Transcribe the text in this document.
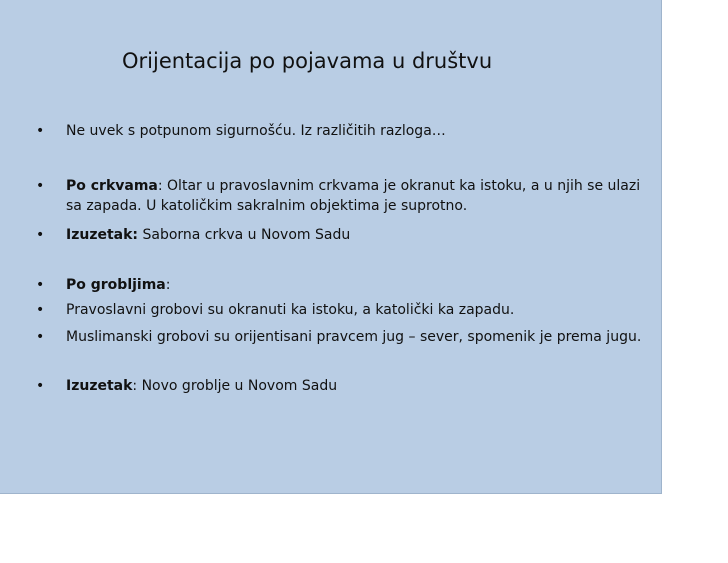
Orijentacija po pojavama u društvu
• Ne uvek s potpunom sigurnošću. Iz različitih razloga…
• Po crkvama: Oltar u pravoslavnim crkvama je okranut ka istoku, a u njih se ulazi sa zapada. U katoličkim sakralnim objektima je suprotno.
• Izuzetak: Saborna crkva u Novom Sadu
• Po grobljima:
• Pravoslavni grobovi su okranuti ka istoku, a katolički ka zapadu.
• Muslimanski grobovi su orijentisani pravcem jug – sever, spomenik je prema jugu.
• Izuzetak: Novo groblje u Novom Sadu
